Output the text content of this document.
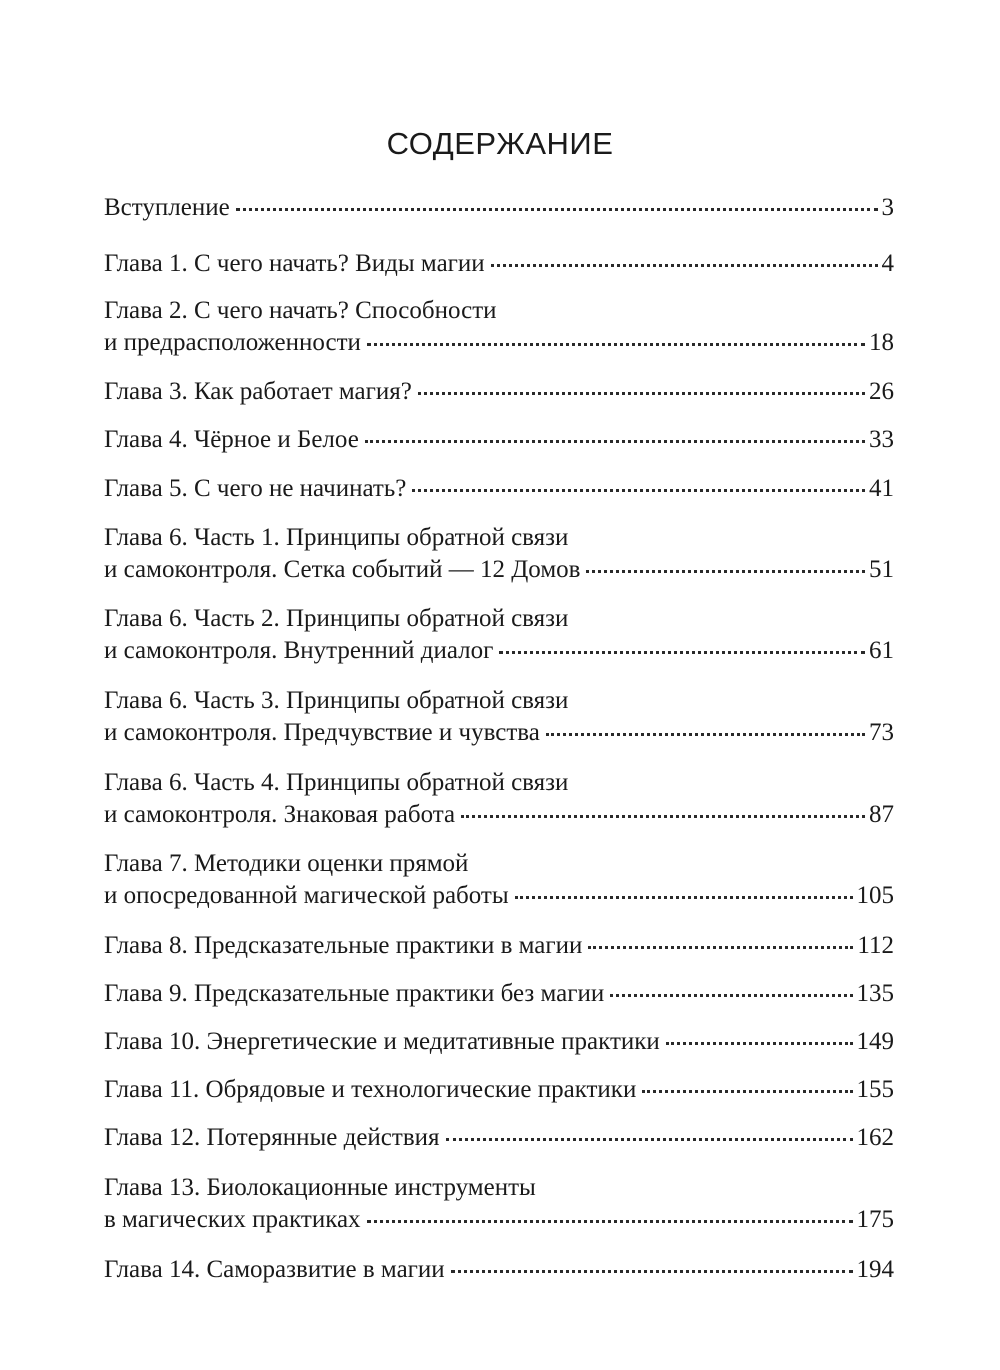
СОДЕРЖАНИЕ
Вступление	3
Глава 1. С чего начать? Виды магии	4
Глава 2. С чего начать? Способности
и предрасположенности	18
Глава 3. Как работает магия?	26
Глава 4. Чёрное и Белое	33
Глава 5. С чего не начинать?	41
Глава 6. Часть 1. Принципы обратной связи
и самоконтроля. Сетка событий — 12 Домов	51
Глава 6. Часть 2. Принципы обратной связи
и самоконтроля. Внутренний диалог	61
Глава 6. Часть 3. Принципы обратной связи
и самоконтроля. Предчувствие и чувства	73
Глава 6. Часть 4. Принципы обратной связи
и самоконтроля. Знаковая работа	87
Глава 7. Методики оценки прямой
и опосредованной магической работы	105
Глава 8. Предсказательные практики в магии	112
Глава 9. Предсказательные практики без магии	135
Глава 10. Энергетические и медитативные практики	149
Глава 11. Обрядовые и технологические практики	155
Глава 12. Потерянные действия	162
Глава 13. Биолокационные инструменты
в магических практиках	175
Глава 14. Саморазвитие в магии	194
